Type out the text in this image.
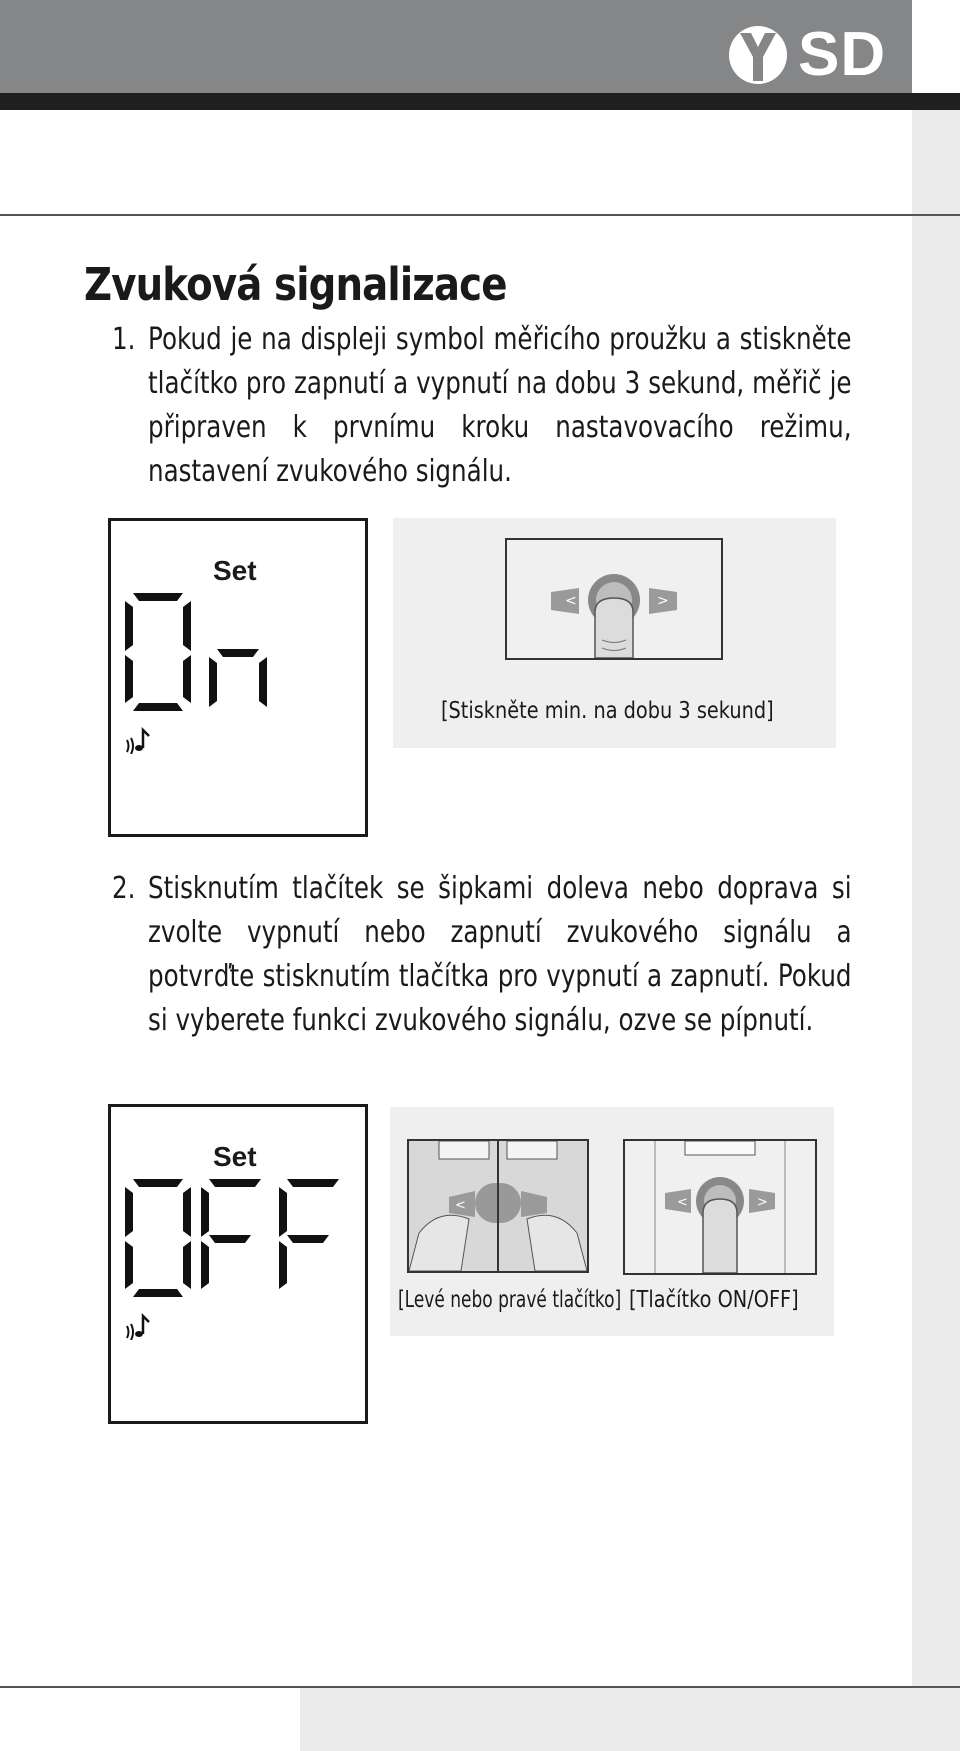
SD
Zvuková signalizace
1. Pokud je na displeji symbol měřicího proužku a stiskněte tlačítko pro zapnutí a vypnutí na dobu 3 sekund, měřič je připraven k prvnímu kroku nastavovacího režimu, nastavení zvukového signálu.
Set
<	>
[Stiskněte min. na dobu 3 sekund]
2. Stisknutím tlačítek se šipkami doleva nebo doprava si zvolte vypnutí nebo zapnutí zvukového signálu a potvrďte stisknutím tlačítka pro vypnutí a zapnutí. Pokud si vyberete funkci zvukového signálu, ozve se pípnutí.
Set
<	<	>
[Levé nebo pravé tlačítko] [Tlačítko ON/OFF]
